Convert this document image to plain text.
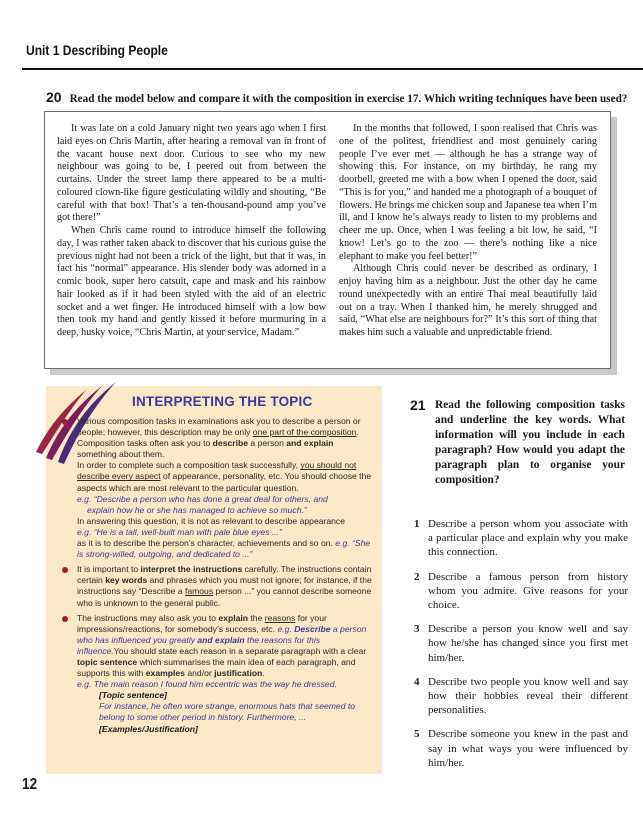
Unit 1 Describing People
20 Read the model below and compare it with the composition in exercise 17. Which writing techniques have been used?

It was late on a cold January night two years ago when I first laid eyes on Chris Martin, after hearing a removal van in front of the vacant house next door. Curious to see who my new neighbour was going to be, I peered out from between the curtains. Under the street lamp there appeared to be a multi-coloured clown-like figure gesticulating wildly and shouting, “Be careful with that box! That’s a ten-thousand-pound amp you’ve got there!”

When Chris came round to introduce himself the following day, I was rather taken aback to discover that his curious guise the previous night had not been a trick of the light, but that it was, in fact his “normal” appearance. His slender body was adorned in a comic book, super hero catsuit, cape and mask and his rainbow hair looked as if it had been styled with the aid of an electric socket and a wet finger. He introduced himself with a low bow then took my hand and gently kissed it before murmuring in a deep, husky voice, “Chris Martin, at your service, Madam.”

In the months that followed, I soon realised that Chris was one of the politest, friendliest and most genuinely caring people I’ve ever met — although he has a strange way of showing this. For instance, on my birthday, he rang my doorbell, greeted me with a bow when I opened the door, said “This is for you,” and handed me a photograph of a bouquet of flowers. He brings me chicken soup and Japanese tea when I’m ill, and I know he’s always ready to listen to my problems and cheer me up. Once, when I was feeling a bit low, he said, “I know! Let’s go to the zoo — there’s nothing like a nice elephant to make you feel better!”

Although Chris could never be described as ordinary, I enjoy having him as a neighbour. Just the other day he came round unexpectedly with an entire Thai meal beautifully laid out on a tray. When I thanked him, he merely shrugged and said, “What else are neighbours for?” It’s this sort of thing that makes him such a valuable and unpredictable friend.

INTERPRETING THE TOPIC

Various composition tasks in examinations ask you to describe a person or people; however, this description may be only one part of the composition. Composition tasks often ask you to describe a person and explain something about them.

In order to complete such a composition task successfully, you should not describe every aspect of appearance, personality, etc. You should choose the aspects which are most relevant to the particular question.

e.g. “Describe a person who has done a great deal for others, and

explain how he or she has managed to achieve so much.”

In answering this question, it is not as relevant to describe appearance

e.g. “He is a tall, well-built man with pale blue eyes ...”

as it is to describe the person’s character, achievements and so on. e.g. “She is strong-willed, outgoing, and dedicated to ...”

It is important to interpret the instructions carefully. The instructions contain certain key words and phrases which you must not ignore; for instance, if the instructions say “Describe a famous person ...” you cannot describe someone who is unknown to the general public.

The instructions may also ask you to explain the reasons for your impressions/reactions, for somebody’s success, etc. e.g. Describe a person who has influenced you greatly and explain the reasons for this influence.You should state each reason in a separate paragraph with a clear topic sentence which summarises the main idea of each paragraph, and supports this with examples and/or justification.

e.g. The main reason I found him eccentric was the way he dressed.

[Topic sentence]

For instance, he often wore strange, enormous hats that seemed to belong to some other period in history. Furthermore, ...

[Examples/Justification]

21 Read the following composition tasks and underline the key words. What information will you include in each paragraph? How would you adapt the paragraph plan to organise your composition?
1 Describe a person whom you associate with a particular place and explain why you make this connection.
2 Describe a famous person from history whom you admire. Give reasons for your choice.
3 Describe a person you know well and say how he/she has changed since you first met him/her.
4 Describe two people you know well and say how their hobbies reveal their different personalities.
5 Describe someone you knew in the past and say in what ways you were influenced by him/her.
12
